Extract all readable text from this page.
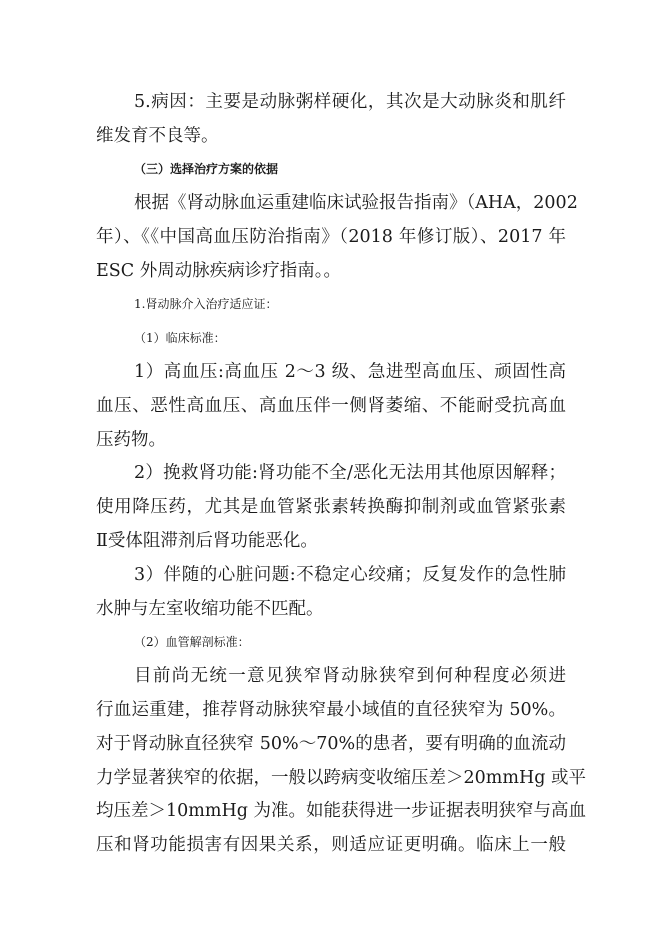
5.病因：主要是动脉粥样硬化，其次是大动脉炎和肌纤
维发育不良等。
（三）选择治疗方案的依据
根据《肾动脉血运重建临床试验报告指南》（AHA，2002
年）、《《中国高血压防治指南》（2018 年修订版）、2017 年
ESC 外周动脉疾病诊疗指南。。
1.肾动脉介入治疗适应证：
（1）临床标准：
1）高血压:高血压 2～3 级、急进型高血压、顽固性高
血压、恶性高血压、高血压伴一侧肾萎缩、不能耐受抗高血
压药物。
2）挽救肾功能:肾功能不全/恶化无法用其他原因解释；
使用降压药，尤其是血管紧张素转换酶抑制剂或血管紧张素
Ⅱ受体阻滞剂后肾功能恶化。
3）伴随的心脏问题:不稳定心绞痛；反复发作的急性肺
水肿与左室收缩功能不匹配。
（2）血管解剖标准：
目前尚无统一意见狭窄肾动脉狭窄到何种程度必须进
行血运重建，推荐肾动脉狭窄最小域值的直径狭窄为 50%。
对于肾动脉直径狭窄 50%～70%的患者，要有明确的血流动
力学显著狭窄的依据，一般以跨病变收缩压差＞20mmHg 或平
均压差＞10mmHg 为准。如能获得进一步证据表明狭窄与高血
压和肾功能损害有因果关系，则适应证更明确。临床上一般
